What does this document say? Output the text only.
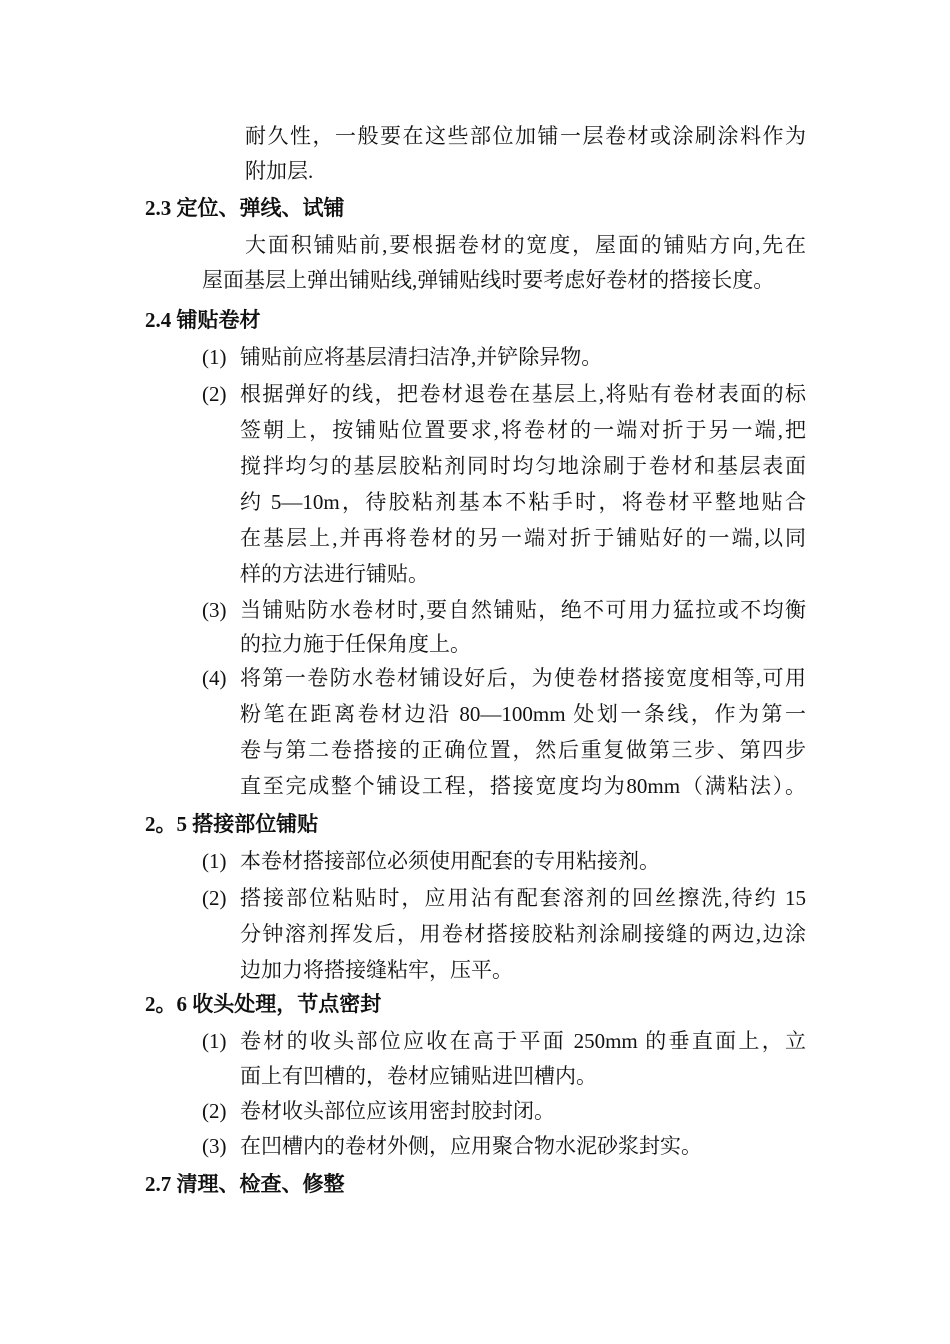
耐久性，一般要在这些部位加铺一层卷材或涂刷涂料作为
附加层.
2.3 定位、弹线、试铺
大面积铺贴前,要根据卷材的宽度，屋面的铺贴方向,先在
屋面基层上弹出铺贴线,弹铺贴线时要考虑好卷材的搭接长度。
2.4 铺贴卷材
(1) 铺贴前应将基层清扫洁净,并铲除异物。
(2) 根据弹好的线，把卷材退卷在基层上,将贴有卷材表面的标
签朝上，按铺贴位置要求,将卷材的一端对折于另一端,把
搅拌均匀的基层胶粘剂同时均匀地涂刷于卷材和基层表面
约 5—10m，待胶粘剂基本不粘手时，将卷材平整地贴合
在基层上,并再将卷材的另一端对折于铺贴好的一端,以同
样的方法进行铺贴。
(3) 当铺贴防水卷材时,要自然铺贴，绝不可用力猛拉或不均衡
的拉力施于任保角度上。
(4) 将第一卷防水卷材铺设好后，为使卷材搭接宽度相等,可用
粉笔在距离卷材边沿 80—100mm 处划一条线，作为第一
卷与第二卷搭接的正确位置，然后重复做第三步、第四步
直至完成整个铺设工程，搭接宽度均为80mm（满粘法）。
2。5 搭接部位铺贴
(1) 本卷材搭接部位必须使用配套的专用粘接剂。
(2) 搭接部位粘贴时，应用沾有配套溶剂的回丝擦洗,待约 15
分钟溶剂挥发后，用卷材搭接胶粘剂涂刷接缝的两边,边涂
边加力将搭接缝粘牢，压平。
2。6 收头处理，节点密封
(1) 卷材的收头部位应收在高于平面 250mm 的垂直面上，立
面上有凹槽的，卷材应铺贴进凹槽内。
(2) 卷材收头部位应该用密封胶封闭。
(3) 在凹槽内的卷材外侧，应用聚合物水泥砂浆封实。
2.7 清理、检查、修整
